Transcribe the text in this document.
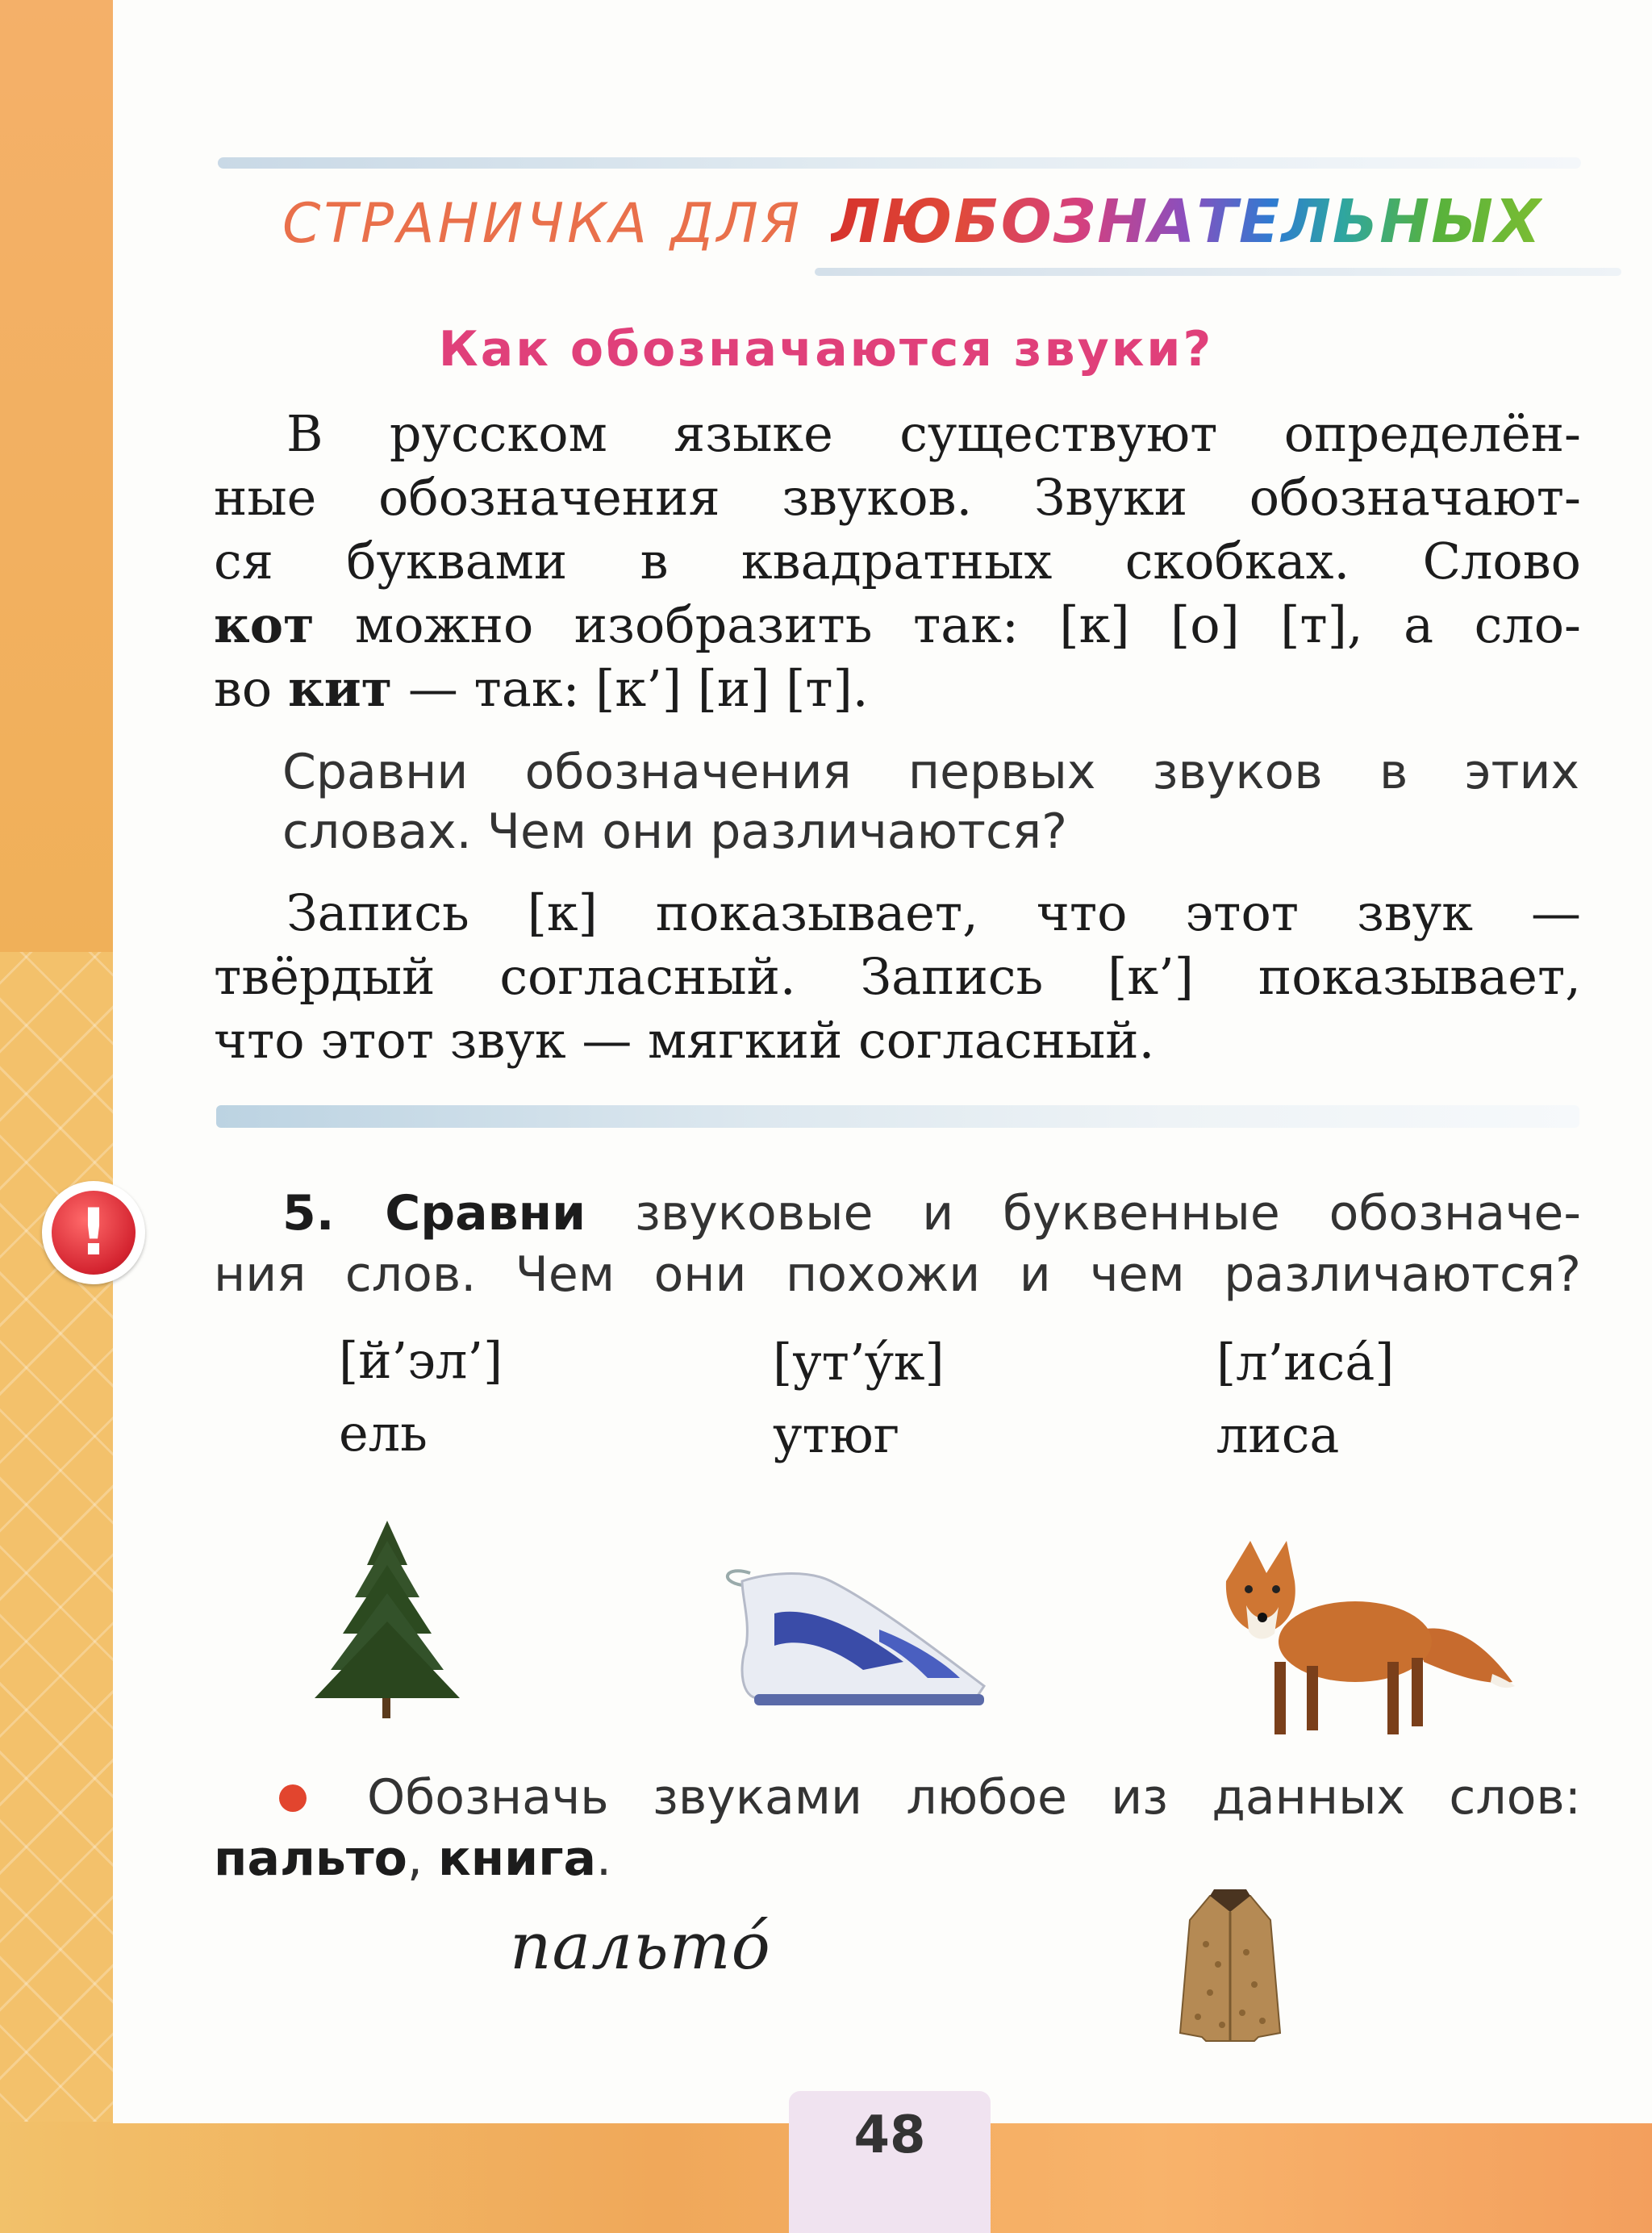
СТРАНИЧКА ДЛЯ ЛЮБОЗНАТЕЛЬНЫХ
Как обозначаются звуки?
В русском языке существуют определён-
ные обозначения звуков. Звуки обозначают-
ся буквами в квадратных скобках. Слово
кот можно изобразить так: [к] [о] [т], а сло-
во кит — так: [к’] [и] [т].
Сравни обозначения первых звуков в этих
словах. Чем они различаются?
Запись [к] показывает, что этот звук —
твёрдый согласный. Запись [к’] показывает,
что этот звук — мягкий согласный.
!	5. Сравни звуковые и буквенные обозначе-
ния слов. Чем они похожи и чем различаются?
[й’эл’]
ель
[ут’ýк]
утюг
[л’исá]
лиса
Обозначь звуками любое из данных слов:
пальто, книга.
пальтó
48
